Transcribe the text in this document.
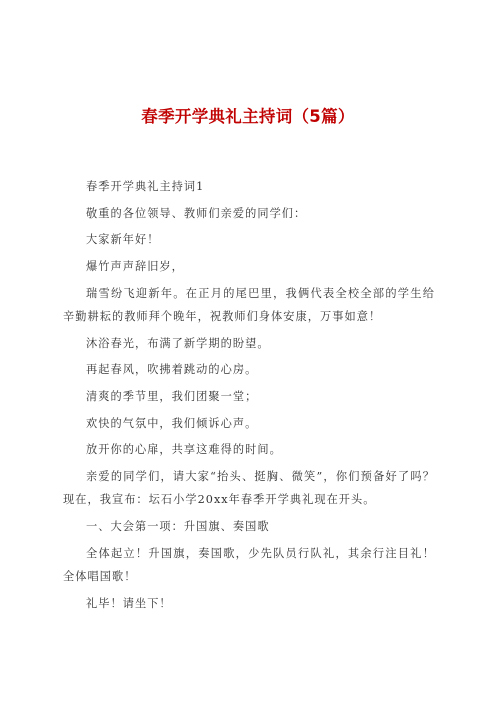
春季开学典礼主持词（5篇）

春季开学典礼主持词1

敬重的各位领导、教师们亲爱的同学们：

大家新年好！

爆竹声声辞旧岁，

瑞雪纷飞迎新年。在正月的尾巴里，我俩代表全校全部的学生给辛勤耕耘的教师拜个晚年，祝教师们身体安康，万事如意！

沐浴春光，布满了新学期的盼望。

再起春风，吹拂着跳动的心房。

清爽的季节里，我们团聚一堂；

欢快的气氛中，我们倾诉心声。

放开你的心扉，共享这难得的时间。

亲爱的同学们，请大家“抬头、挺胸、微笑”，你们预备好了吗？现在，我宣布：坛石小学20xx年春季开学典礼现在开头。

一、大会第一项：升国旗、奏国歌

全体起立！升国旗，奏国歌，少先队员行队礼，其余行注目礼！全体唱国歌！

礼毕！请坐下！
